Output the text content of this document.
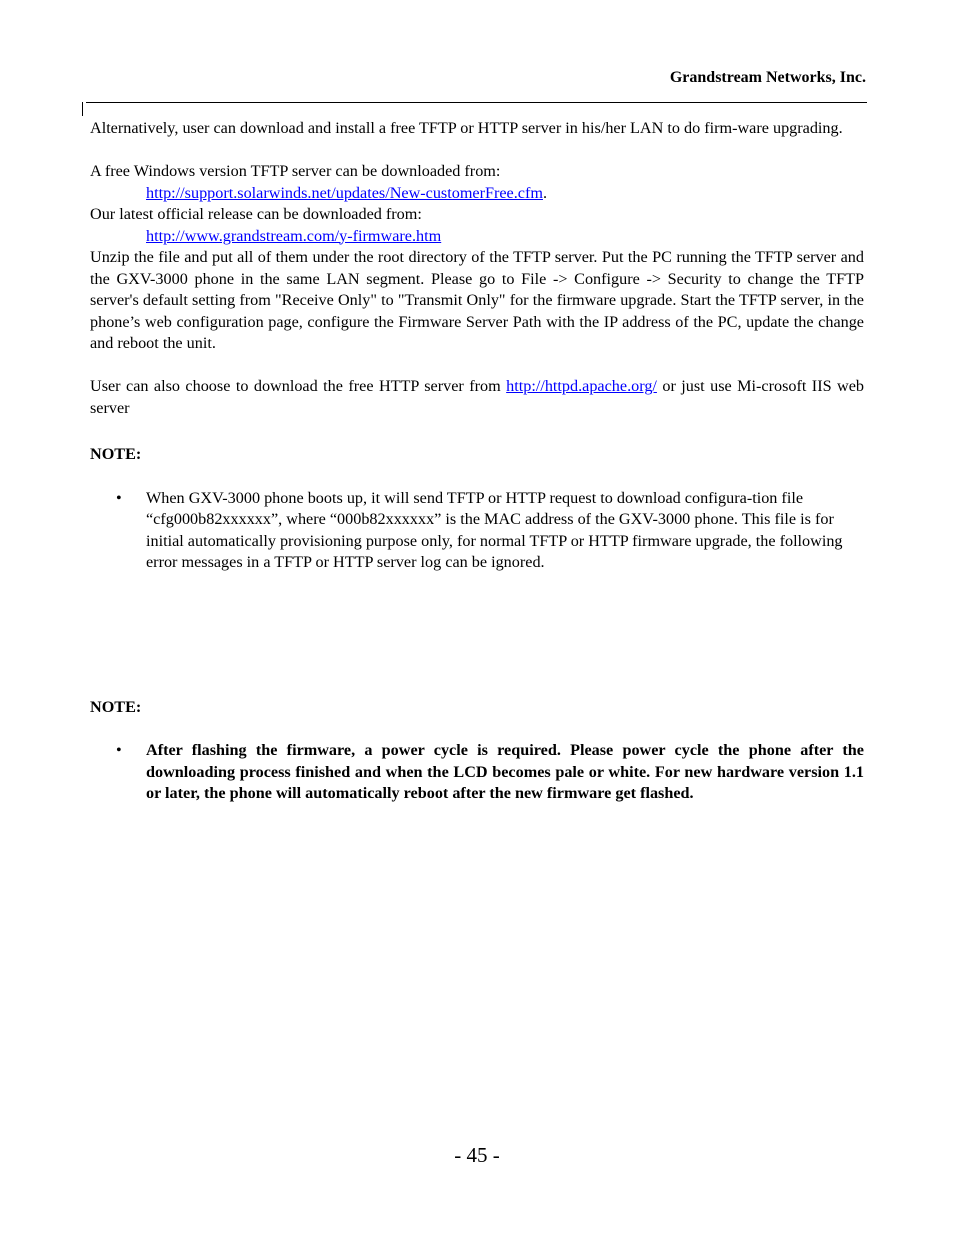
Grandstream Networks, Inc.

Alternatively, user can download and install a free TFTP or HTTP server in his/her LAN to do firm-ware upgrading.

A free Windows version TFTP server can be downloaded from:

http://support.solarwinds.net/updates/New-customerFree.cfm.

Our latest official release can be downloaded from:

http://www.grandstream.com/y-firmware.htm

Unzip the file and put all of them under the root directory of the TFTP server. Put the PC running the TFTP server and the GXV-3000 phone in the same LAN segment. Please go to File -> Configure -> Security to change the TFTP server's default setting from "Receive Only" to "Transmit Only" for the firmware upgrade. Start the TFTP server, in the phone’s web configuration page, configure the Firmware Server Path with the IP address of the PC, update the change and reboot the unit.

User can also choose to download the free HTTP server from http://httpd.apache.org/ or just use Mi-crosoft IIS web server

NOTE:

• When GXV-3000 phone boots up, it will send TFTP or HTTP request to download configura-tion file “cfg000b82xxxxxx”, where “000b82xxxxxx” is the MAC address of the GXV-3000 phone. This file is for initial automatically provisioning purpose only, for normal TFTP or HTTP firmware upgrade, the following error messages in a TFTP or HTTP server log can be ignored.

NOTE:

• After flashing the firmware, a power cycle is required. Please power cycle the phone after the downloading process finished and when the LCD becomes pale or white. For new hardware version 1.1 or later, the phone will automatically reboot after the new firmware get flashed.

- 45 -
